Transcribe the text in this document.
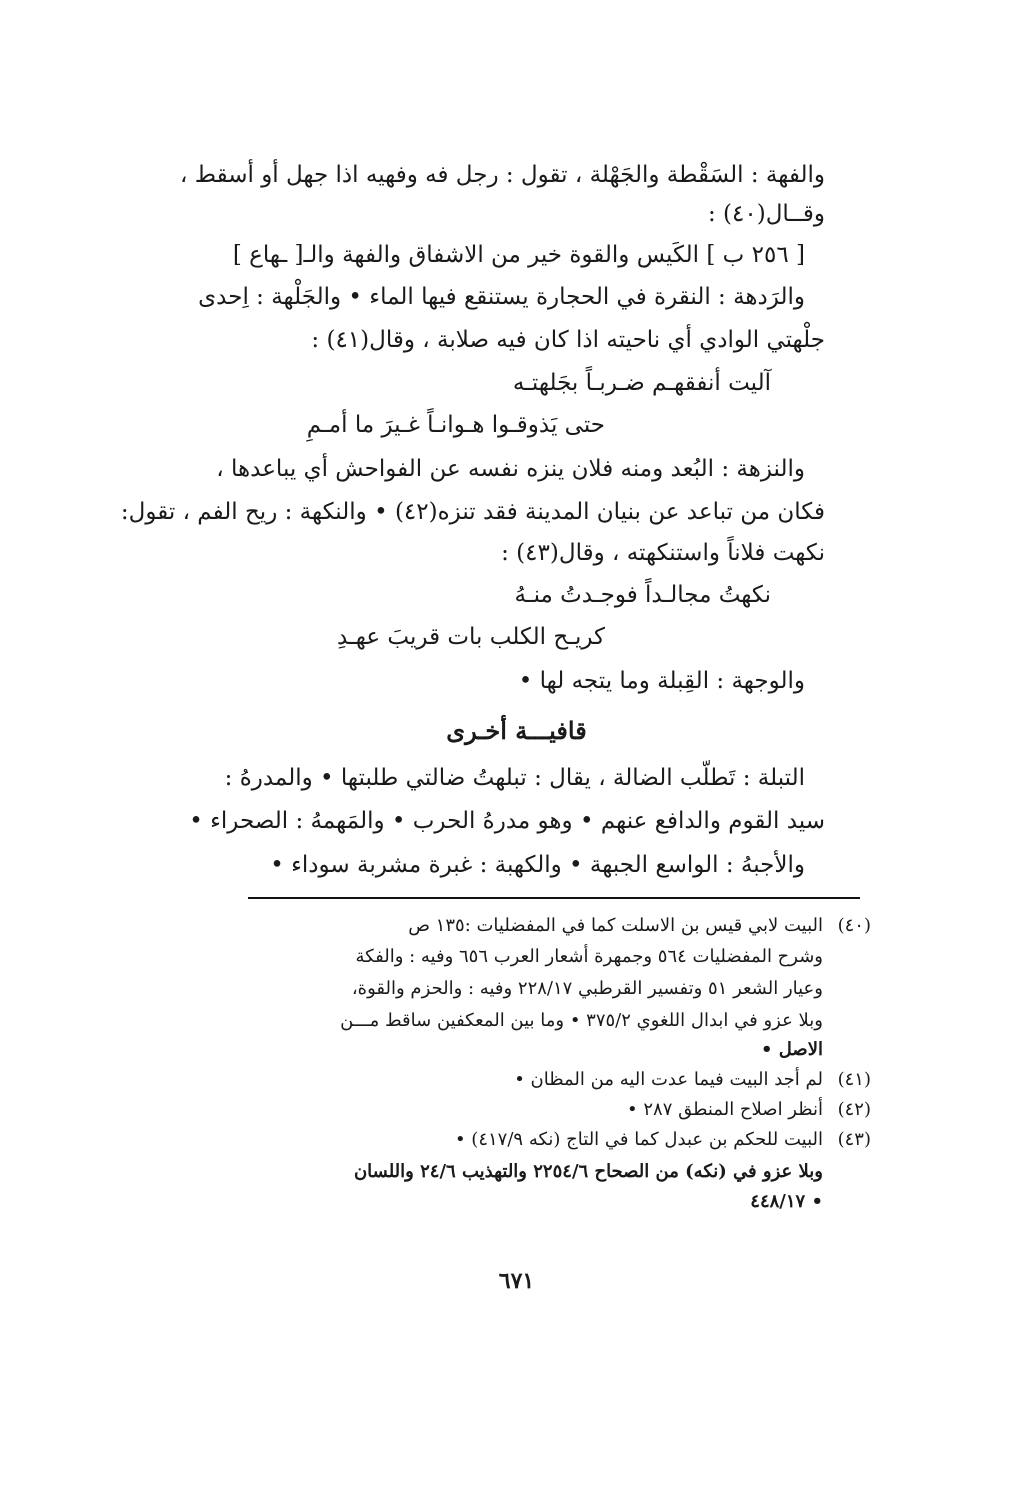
والفهة : السَقْطة والجَهْلة ، تقول : رجل فه وفهيه اذا جهل أو أسقط ،
وقــال(٤٠) :
[ ٢٥٦ ب ] الكَيس والقوة خير من الاشفاق والفهة والـ[ ـهاع ]
والرَدهة : النقرة في الحجارة يستنقع فيها الماء • والجَلْهة : اِحدى
جلْهتي الوادي أي ناحيته اذا كان فيه صلابة ، وقال(٤١) :
آليت أنفقهـم ضـربـاً بجَلهتـه
حتى يَذوقـوا هـوانـاً غـيرَ ما أمـمِ
والنزهة : البُعد ومنه فلان ينزه نفسه عن الفواحش أي يباعدها ،
فكان من تباعد عن بنيان المدينة فقد تنزه(٤٢) • والنكهة : ريح الفم ، تقول:
نكهت فلاناً واستنكهته ، وقال(٤٣) :
نكهتُ مجالـداً فوجـدتُ منـهُ
كريـح الكلب بات قريبَ عهـدِ
والوجهة : القِبلة وما يتجه لها •
قافيـــة أخـرى
التبلة : تَطلّب الضالة ، يقال : تبلهتُ ضالتي طلبتها • والمدرهُ :
سيد القوم والدافع عنهم • وهو مدرهُ الحرب • والمَهمهُ : الصحراء •
والأجبهُ : الواسع الجبهة • والكهبة : غبرة مشربة سوداء •
(٤٠)
البيت لابي قيس بن الاسلت كما في المفضليات :١٣٥ ص
وشرح المفضليات ٥٦٤ وجمهرة أشعار العرب ٦٥٦ وفيه : والفكة
وعيار الشعر ٥١ وتفسير القرطبي ٢٢٨/١٧ وفيه : والحزم والقوة،
وبلا عزو في ابدال اللغوي ٣٧٥/٢ • وما بين المعكفين ساقط مـــن
الاصل •
(٤١)
لم أجد البيت فيما عدت اليه من المظان •
(٤٢)
أنظر اصلاح المنطق ٢٨٧ •
(٤٣)
البيت للحكم بن عبدل كما في التاج (نكه ٤١٧/٩) •
وبلا عزو في (نكه) من الصحاح ٢٢٥٤/٦ والتهذيب ٢٤/٦ واللسان
• ٤٤٨/١٧
٦٧١
